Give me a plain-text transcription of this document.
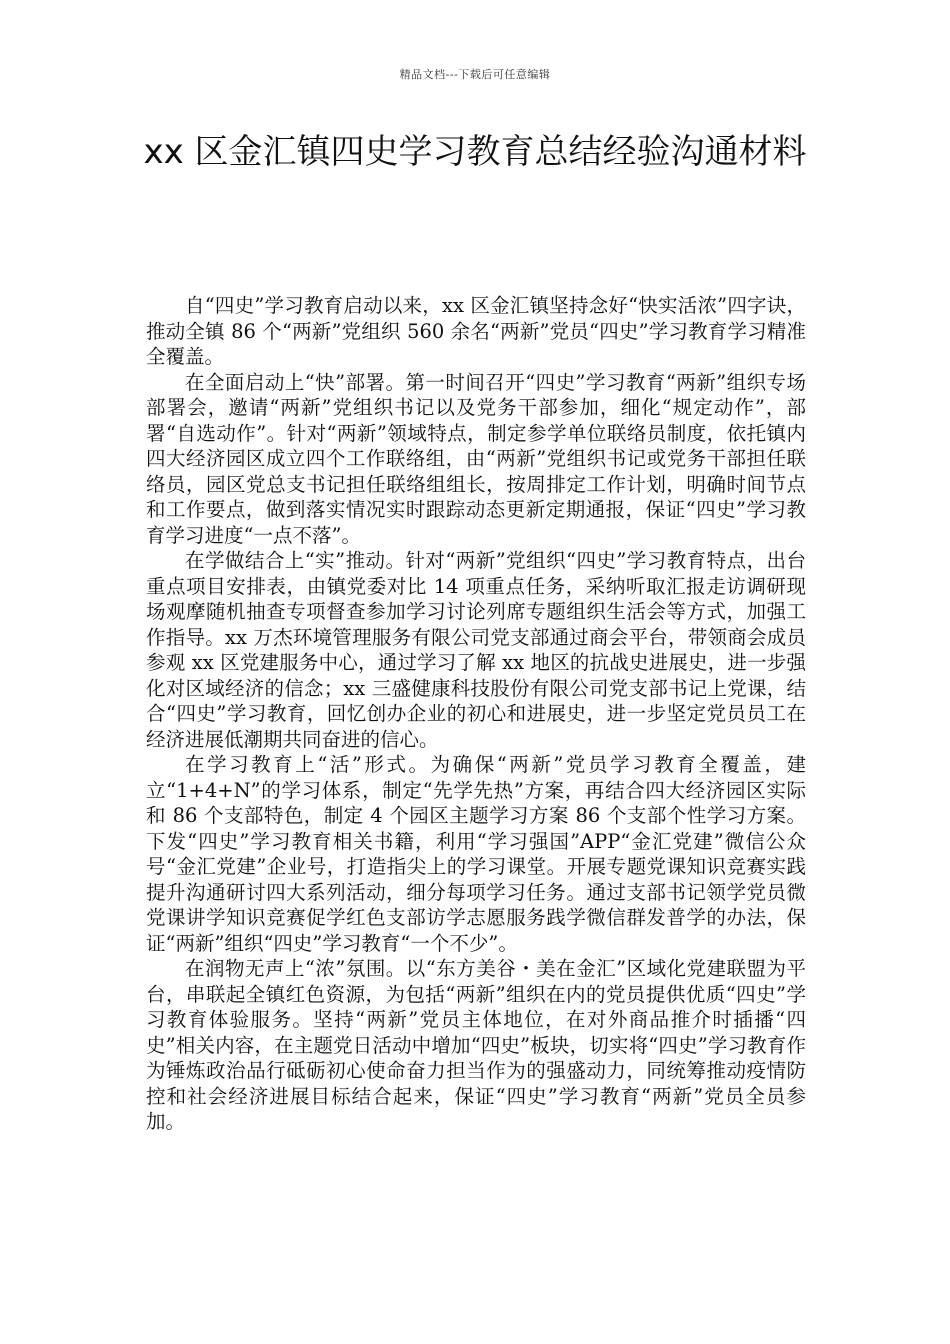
精品文档---下载后可任意编辑
xx 区金汇镇四史学习教育总结经验沟通材料

自“四史”学习教育启动以来，xx 区金汇镇坚持念好“快实活浓”四字诀，推动全镇 86 个“两新”党组织 560 余名“两新”党员“四史”学习教育学习精准全覆盖。

在全面启动上“快”部署。第一时间召开“四史”学习教育“两新”组织专场部署会，邀请“两新”党组织书记以及党务干部参加，细化“规定动作”，部署“自选动作”。针对“两新”领域特点，制定参学单位联络员制度，依托镇内四大经济园区成立四个工作联络组，由“两新”党组织书记或党务干部担任联络员，园区党总支书记担任联络组组长，按周排定工作计划，明确时间节点和工作要点，做到落实情况实时跟踪动态更新定期通报，保证“四史”学习教育学习进度“一点不落”。

在学做结合上“实”推动。针对“两新”党组织“四史”学习教育特点，出台重点项目安排表，由镇党委对比 14 项重点任务，采纳听取汇报走访调研现场观摩随机抽查专项督查参加学习讨论列席专题组织生活会等方式，加强工作指导。xx 万杰环境管理服务有限公司党支部通过商会平台，带领商会成员参观 xx 区党建服务中心，通过学习了解 xx 地区的抗战史进展史，进一步强化对区域经济的信念；xx 三盛健康科技股份有限公司党支部书记上党课，结合“四史”学习教育，回忆创办企业的初心和进展史，进一步坚定党员员工在经济进展低潮期共同奋进的信心。

在学习教育上“活”形式。为确保“两新”党员学习教育全覆盖，建立“1+4+N”的学习体系，制定“先学先热”方案，再结合四大经济园区实际和 86 个支部特色，制定 4 个园区主题学习方案 86 个支部个性学习方案。下发“四史”学习教育相关书籍，利用“学习强国”APP“金汇党建”微信公众号“金汇党建”企业号，打造指尖上的学习课堂。开展专题党课知识竞赛实践提升沟通研讨四大系列活动，细分每项学习任务。通过支部书记领学党员微党课讲学知识竞赛促学红色支部访学志愿服务践学微信群发普学的办法，保证“两新”组织“四史”学习教育“一个不少”。

在润物无声上“浓”氛围。以“东方美谷・美在金汇”区域化党建联盟为平台，串联起全镇红色资源，为包括“两新”组织在内的党员提供优质“四史”学习教育体验服务。坚持“两新”党员主体地位，在对外商品推介时插播“四史”相关内容，在主题党日活动中增加“四史”板块，切实将“四史”学习教育作为锤炼政治品行砥砺初心使命奋力担当作为的强盛动力，同统筹推动疫情防控和社会经济进展目标结合起来，保证“四史”学习教育“两新”党员全员参加。
